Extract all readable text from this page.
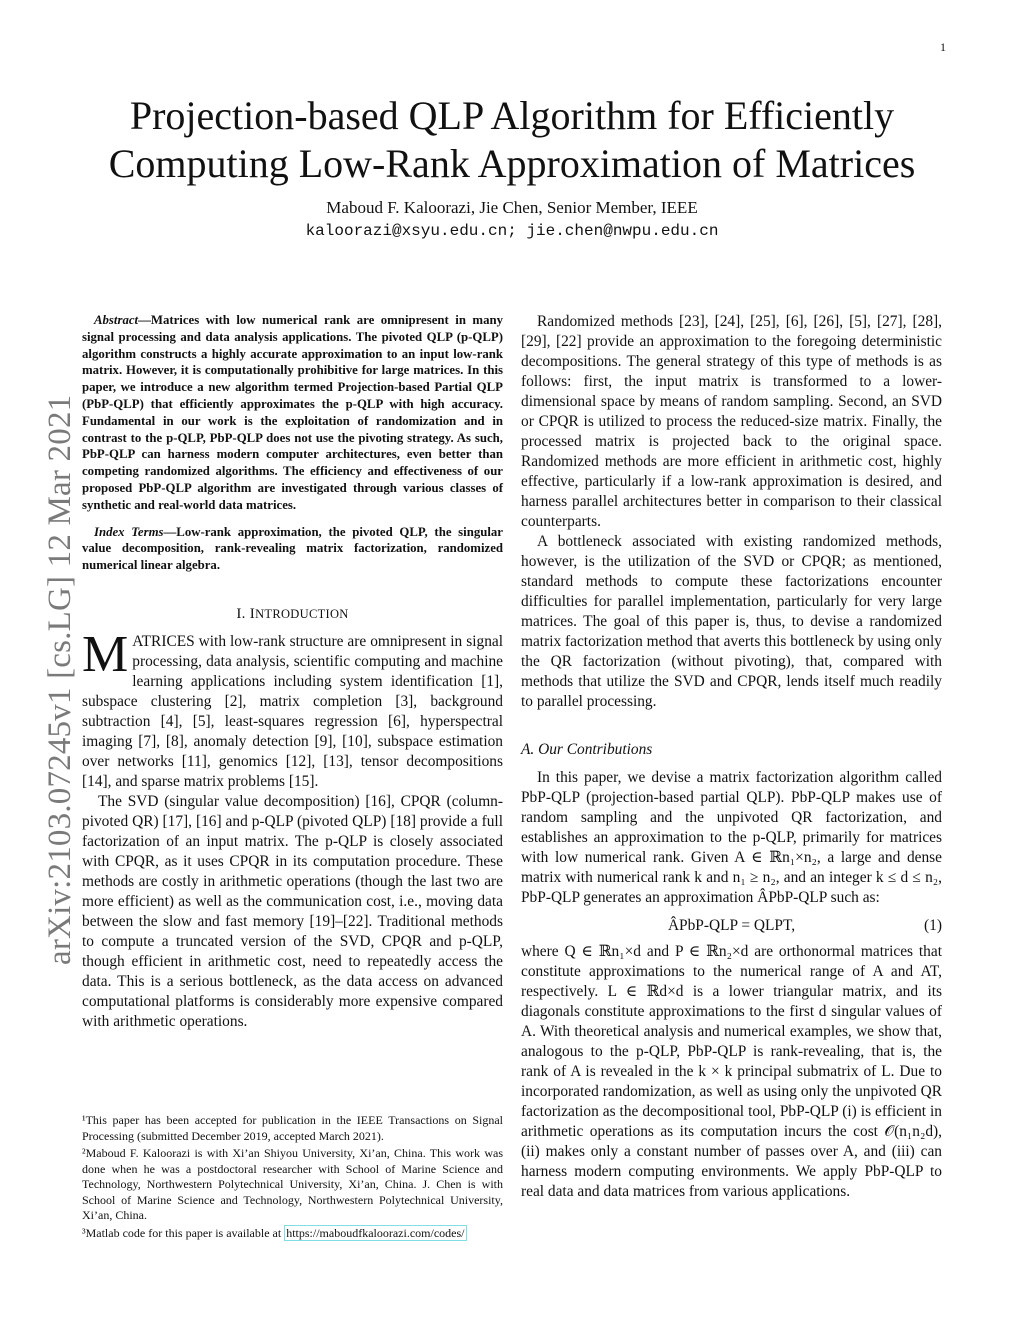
1
arXiv:2103.07245v1 [cs.LG] 12 Mar 2021
Projection-based QLP Algorithm for Efficiently
Computing Low-Rank Approximation of Matrices
Maboud F. Kaloorazi, Jie Chen, Senior Member, IEEE
kaloorazi@xsyu.edu.cn; jie.chen@nwpu.edu.cn

Abstract—Matrices with low numerical rank are omnipresent in many signal processing and data analysis applications. The pivoted QLP (p-QLP) algorithm constructs a highly accurate approximation to an input low-rank matrix. However, it is computationally prohibitive for large matrices. In this paper, we introduce a new algorithm termed Projection-based Partial QLP (PbP-QLP) that efficiently approximates the p-QLP with high accuracy. Fundamental in our work is the exploitation of randomization and in contrast to the p-QLP, PbP-QLP does not use the pivoting strategy. As such, PbP-QLP can harness modern computer architectures, even better than competing randomized algorithms. The efficiency and effectiveness of our proposed PbP-QLP algorithm are investigated through various classes of synthetic and real-world data matrices.

Index Terms—Low-rank approximation, the pivoted QLP, the singular value decomposition, rank-revealing matrix factorization, randomized numerical linear algebra.

I. INTRODUCTION

MATRICES with low-rank structure are omnipresent in signal processing, data analysis, scientific computing and machine learning applications including system identification [1], subspace clustering [2], matrix completion [3], background subtraction [4], [5], least-squares regression [6], hyperspectral imaging [7], [8], anomaly detection [9], [10], subspace estimation over networks [11], genomics [12], [13], tensor decompositions [14], and sparse matrix problems [15].

The SVD (singular value decomposition) [16], CPQR (column-pivoted QR) [17], [16] and p-QLP (pivoted QLP) [18] provide a full factorization of an input matrix. The p-QLP is closely associated with CPQR, as it uses CPQR in its computation procedure. These methods are costly in arithmetic operations (though the last two are more efficient) as well as the communication cost, i.e., moving data between the slow and fast memory [19]–[22]. Traditional methods to compute a truncated version of the SVD, CPQR and p-QLP, though efficient in arithmetic cost, need to repeatedly access the data. This is a serious bottleneck, as the data access on advanced computational platforms is considerably more expensive compared with arithmetic operations.

Randomized methods [23], [24], [25], [6], [26], [5], [27], [28], [29], [22] provide an approximation to the foregoing deterministic decompositions. The general strategy of this type of methods is as follows: first, the input matrix is transformed to a lower-dimensional space by means of random sampling. Second, an SVD or CPQR is utilized to process the reduced-size matrix. Finally, the processed matrix is projected back to the original space. Randomized methods are more efficient in arithmetic cost, highly effective, particularly if a low-rank approximation is desired, and harness parallel architectures better in comparison to their classical counterparts.

A bottleneck associated with existing randomized methods, however, is the utilization of the SVD or CPQR; as mentioned, standard methods to compute these factorizations encounter difficulties for parallel implementation, particularly for very large matrices. The goal of this paper is, thus, to devise a randomized matrix factorization method that averts this bottleneck by using only the QR factorization (without pivoting), that, compared with methods that utilize the SVD and CPQR, lends itself much readily to parallel processing.

A. Our Contributions

In this paper, we devise a matrix factorization algorithm called PbP-QLP (projection-based partial QLP). PbP-QLP makes use of random sampling and the unpivoted QR factorization, and establishes an approximation to the p-QLP, primarily for matrices with low numerical rank. Given A ∈ ℝn₁×n₂, a large and dense matrix with numerical rank k and n₁ ≥ n₂, and an integer k ≤ d ≤ n₂, PbP-QLP generates an approximation ÂPbP-QLP such as:

ÂPbP-QLP = QLPT,	(1)

where Q ∈ ℝn₁×d and P ∈ ℝn₂×d are orthonormal matrices that constitute approximations to the numerical range of A and AT, respectively. L ∈ ℝd×d is a lower triangular matrix, and its diagonals constitute approximations to the first d singular values of A. With theoretical analysis and numerical examples, we show that, analogous to the p-QLP, PbP-QLP is rank-revealing, that is, the rank of A is revealed in the k × k principal submatrix of L. Due to incorporated randomization, as well as using only the unpivoted QR factorization as the decompositional tool, PbP-QLP (i) is efficient in arithmetic operations as its computation incurs the cost 𝒪(n₁n₂d), (ii) makes only a constant number of passes over A, and (iii) can harness modern computing environments. We apply PbP-QLP to real data and data matrices from various applications.

¹This paper has been accepted for publication in the IEEE Transactions on Signal Processing (submitted December 2019, accepted March 2021).

²Maboud F. Kaloorazi is with Xi’an Shiyou University, Xi’an, China. This work was done when he was a postdoctoral researcher with School of Marine Science and Technology, Northwestern Polytechnical University, Xi’an, China. J. Chen is with School of Marine Science and Technology, Northwestern Polytechnical University, Xi’an, China.

³Matlab code for this paper is available at https://maboudfkaloorazi.com/codes/
